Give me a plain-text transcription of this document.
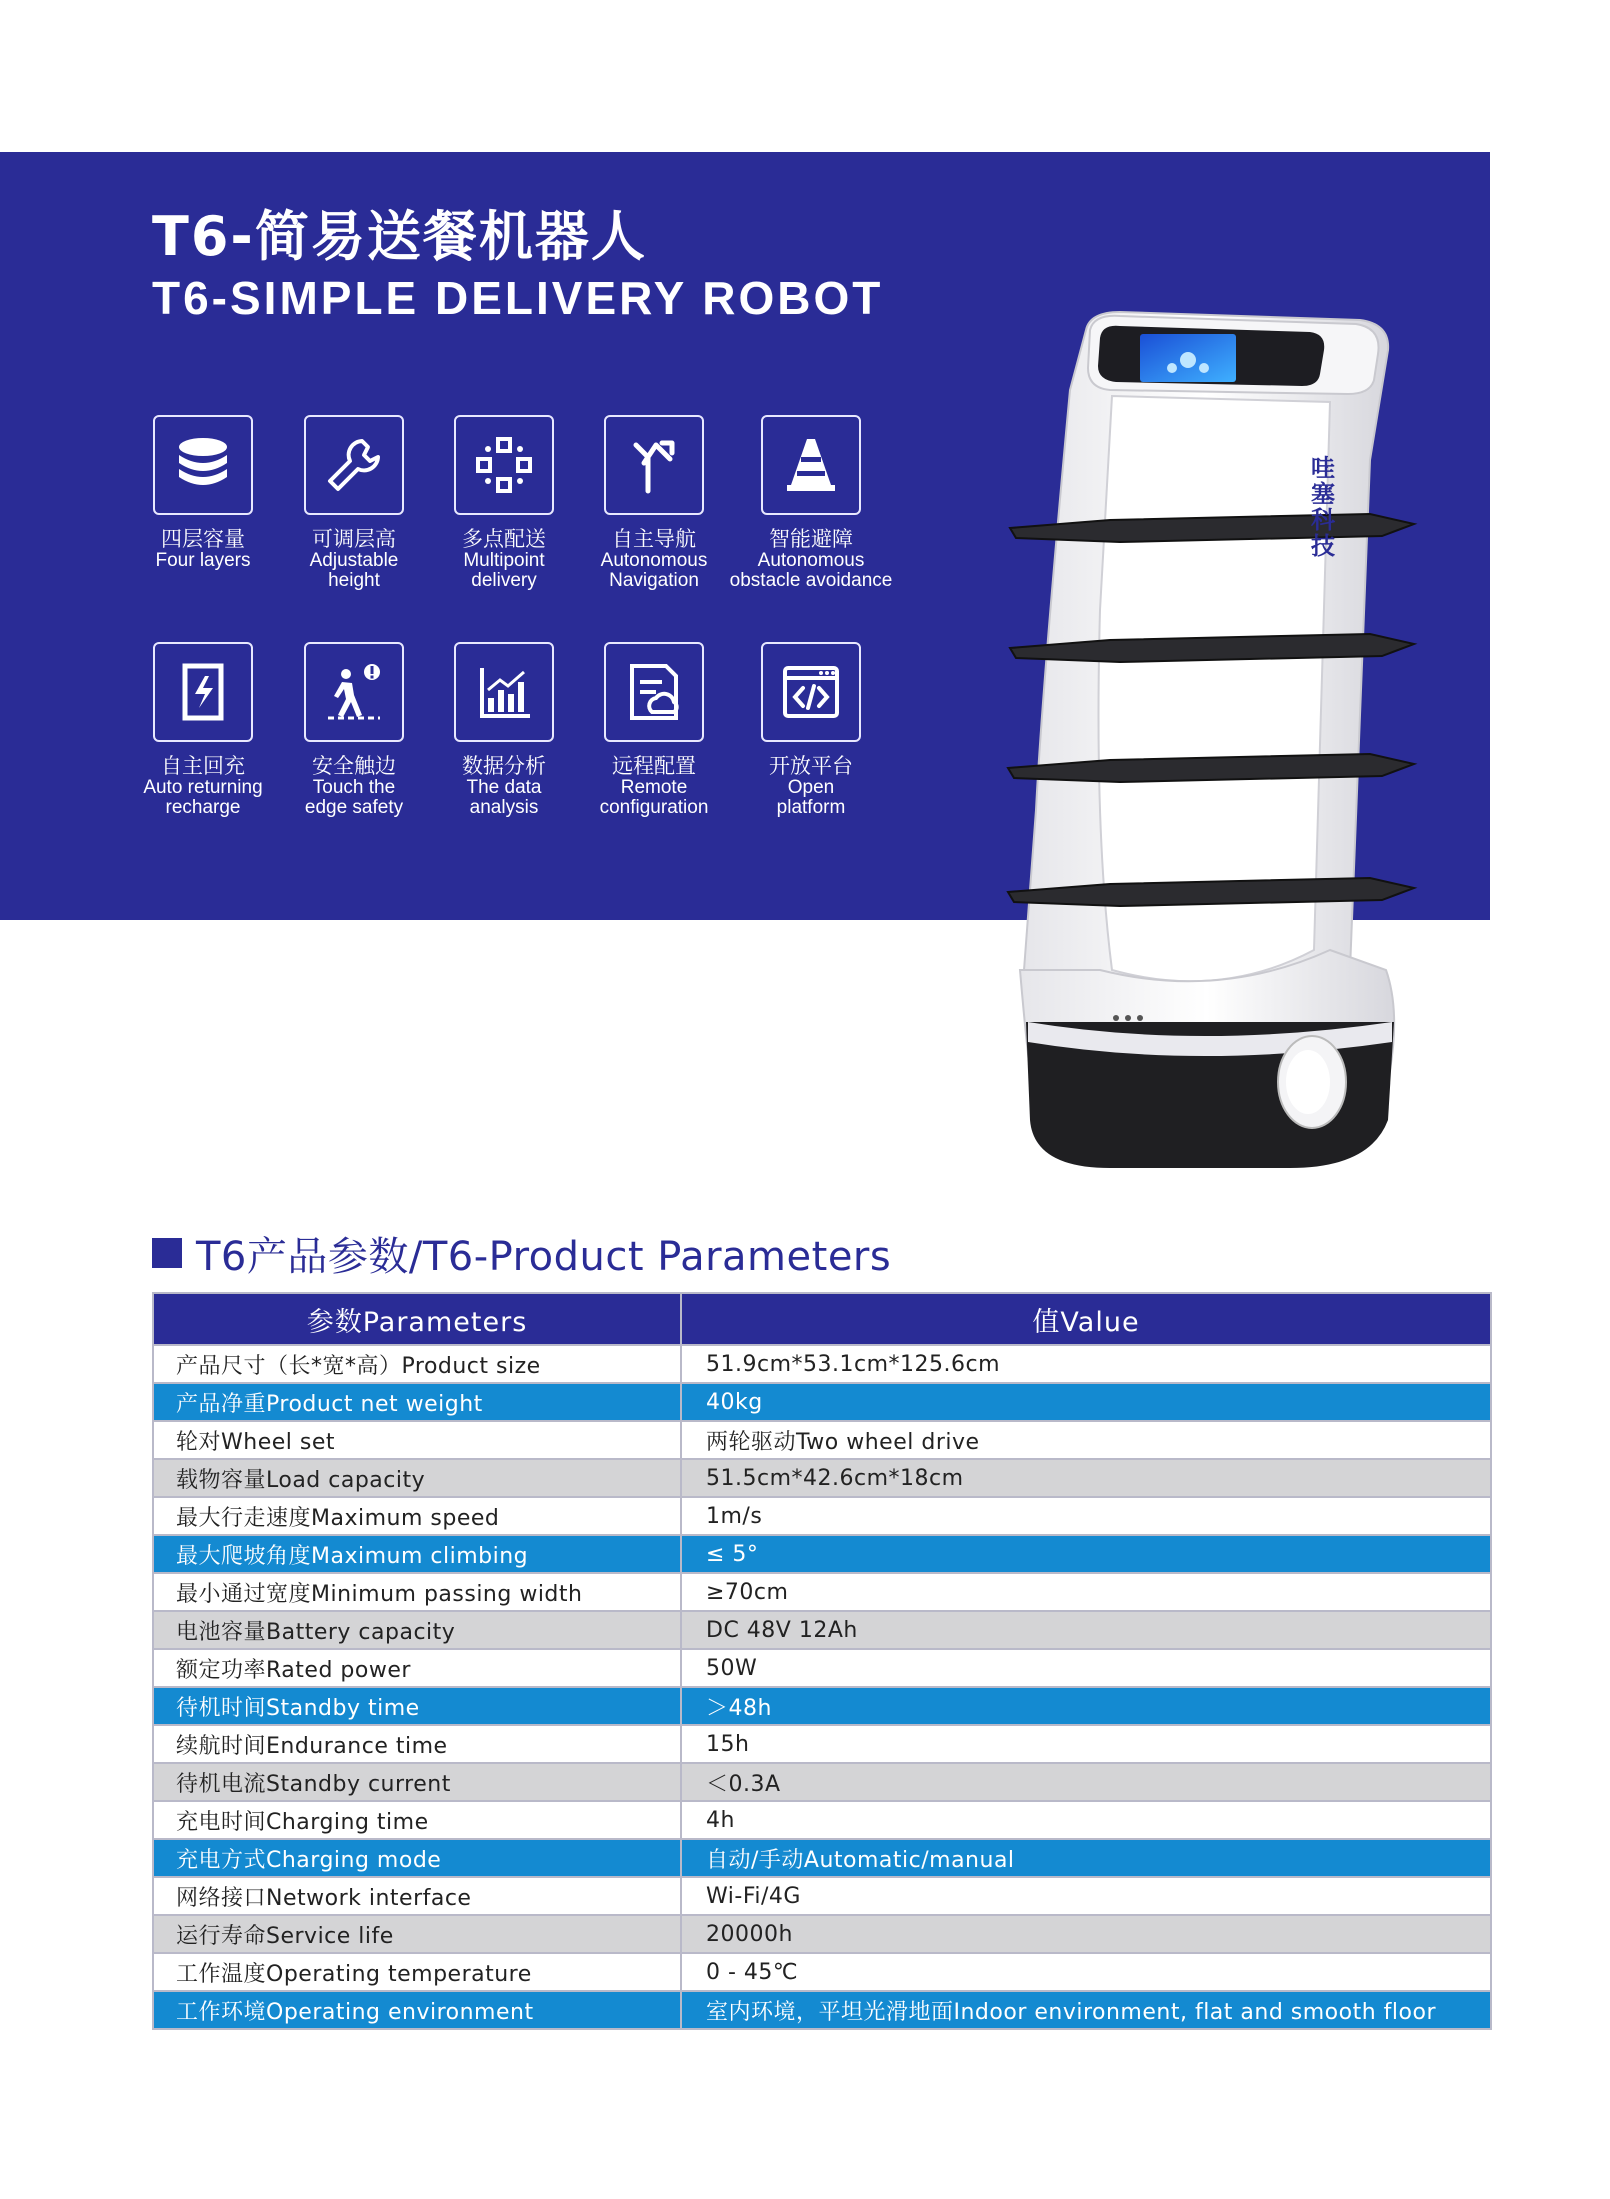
T6-简易送餐机器人
T6-SIMPLE DELIVERY ROBOT
四层容量
Four layers
可调层高
Adjustable
height
多点配送
Multipoint
delivery
自主导航
Autonomous
Navigation
智能避障
Autonomous
obstacle avoidance
自主回充
Auto returning
recharge
安全触边
Touch the
edge safety
数据分析
The data
analysis
远程配置
Remote
configuration
开放平台
Open
platform
哇塞科技
T6产品参数/T6-Product Parameters
参数Parameters	值Value
产品尺寸（长*宽*高）Product size	51.9cm*53.1cm*125.6cm
产品净重Product net weight	40kg
轮对Wheel set	两轮驱动Two wheel drive
载物容量Load capacity	51.5cm*42.6cm*18cm
最大行走速度Maximum speed	1m/s
最大爬坡角度Maximum climbing	≤ 5°
最小通过宽度Minimum passing width	≥70cm
电池容量Battery capacity	DC 48V 12Ah
额定功率Rated power	50W
待机时间Standby time	＞48h
续航时间Endurance time	15h
待机电流Standby current	＜0.3A
充电时间Charging time	4h
充电方式Charging mode	自动/手动Automatic/manual
网络接口Network interface	Wi-Fi/4G
运行寿命Service life	20000h
工作温度Operating temperature	0 - 45℃
工作环境Operating environment	室内环境，平坦光滑地面Indoor environment, flat and smooth floor
